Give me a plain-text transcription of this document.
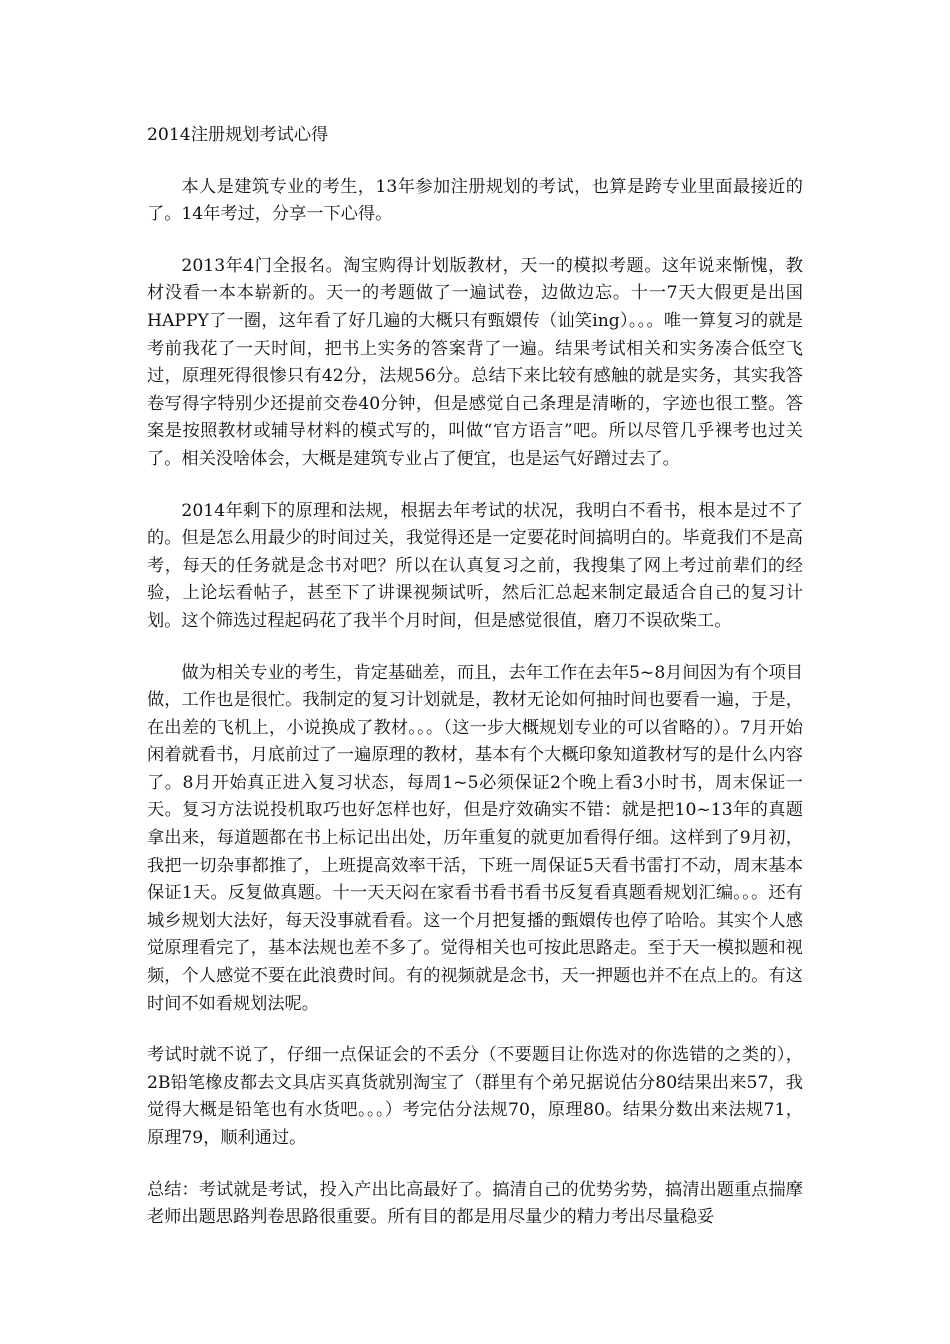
2014注册规划考试心得

本人是建筑专业的考生，13年参加注册规划的考试，也算是跨专业里面最接近的了。14年考过，分享一下心得。

2013年4门全报名。淘宝购得计划版教材，天一的模拟考题。这年说来惭愧，教材没看一本本崭新的。天一的考题做了一遍试卷，边做边忘。十一7天大假更是出国HAPPY了一圈，这年看了好几遍的大概只有甄嬛传（讪笑ing）。。。唯一算复习的就是考前我花了一天时间，把书上实务的答案背了一遍。结果考试相关和实务凑合低空飞过，原理死得很惨只有42分，法规56分。总结下来比较有感触的就是实务，其实我答卷写得字特别少还提前交卷40分钟，但是感觉自己条理是清晰的，字迹也很工整。答案是按照教材或辅导材料的模式写的，叫做“官方语言”吧。所以尽管几乎裸考也过关了。相关没啥体会，大概是建筑专业占了便宜，也是运气好蹭过去了。

2014年剩下的原理和法规，根据去年考试的状况，我明白不看书，根本是过不了的。但是怎么用最少的时间过关，我觉得还是一定要花时间搞明白的。毕竟我们不是高考，每天的任务就是念书对吧？所以在认真复习之前，我搜集了网上考过前辈们的经验，上论坛看帖子，甚至下了讲课视频试听，然后汇总起来制定最适合自己的复习计划。这个筛选过程起码花了我半个月时间，但是感觉很值，磨刀不误砍柴工。

做为相关专业的考生，肯定基础差，而且，去年工作在去年5~8月间因为有个项目做，工作也是很忙。我制定的复习计划就是，教材无论如何抽时间也要看一遍，于是，在出差的飞机上，小说换成了教材。。。（这一步大概规划专业的可以省略的）。7月开始闲着就看书，月底前过了一遍原理的教材，基本有个大概印象知道教材写的是什么内容了。8月开始真正进入复习状态，每周1~5必须保证2个晚上看3小时书，周末保证一天。复习方法说投机取巧也好怎样也好，但是疗效确实不错：就是把10~13年的真题拿出来，每道题都在书上标记出出处，历年重复的就更加看得仔细。这样到了9月初，我把一切杂事都推了，上班提高效率干活，下班一周保证5天看书雷打不动，周末基本保证1天。反复做真题。十一天天闷在家看书看书看书反复看真题看规划汇编。。。还有城乡规划大法好，每天没事就看看。这一个月把复播的甄嬛传也停了哈哈。其实个人感觉原理看完了，基本法规也差不多了。觉得相关也可按此思路走。至于天一模拟题和视频，个人感觉不要在此浪费时间。有的视频就是念书，天一押题也并不在点上的。有这时间不如看规划法呢。

考试时就不说了，仔细一点保证会的不丢分（不要题目让你选对的你选错的之类的），2B铅笔橡皮都去文具店买真货就别淘宝了（群里有个弟兄据说估分80结果出来57，我觉得大概是铅笔也有水货吧。。。）考完估分法规70，原理80。结果分数出来法规71，原理79，顺利通过。

总结：考试就是考试，投入产出比高最好了。搞清自己的优势劣势，搞清出题重点揣摩老师出题思路判卷思路很重要。所有目的都是用尽量少的精力考出尽量稳妥
